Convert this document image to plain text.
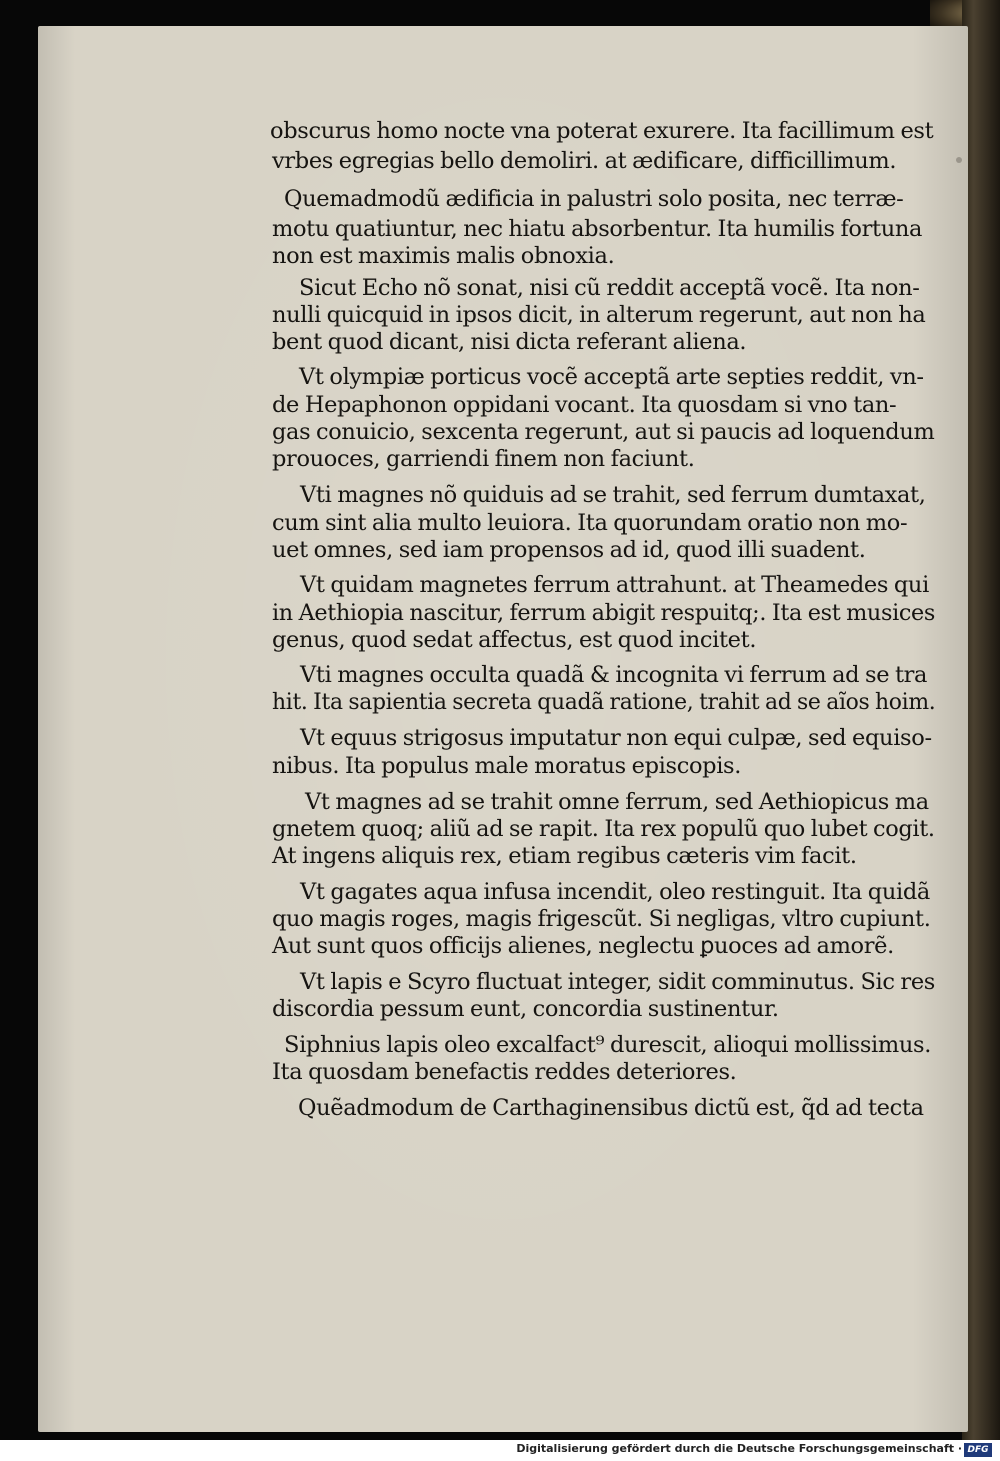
obscurus homo nocte vna poterat exurere. Ita facillimum est
vrbes egregias bello demoliri. at ædificare, difficillimum.
Quemadmodũ ædificia in palustri solo posita, nec terræ-
motu quatiuntur, nec hiatu absorbentur. Ita humilis fortuna
non est maximis malis obnoxia.
Sicut Echo nõ sonat, nisi cũ reddit acceptã vocẽ. Ita non-
nulli quicquid in ipsos dicit, in alterum regerunt, aut non ha
bent quod dicant, nisi dicta referant aliena.
Vt olympiæ porticus vocẽ acceptã arte septies reddit, vn-
de Hepaphonon oppidani vocant. Ita quosdam si vno tan-
gas conuicio, sexcenta regerunt, aut si paucis ad loquendum
prouoces, garriendi finem non faciunt.
Vti magnes nõ quiduis ad se trahit, sed ferrum dumtaxat,
cum sint alia multo leuiora. Ita quorundam oratio non mo-
uet omnes, sed iam propensos ad id, quod illi suadent.
Vt quidam magnetes ferrum attrahunt. at Theamedes qui
in Aethiopia nascitur, ferrum abigit respuitq;. Ita est musices
genus, quod sedat affectus, est quod incitet.
Vti magnes occulta quadã & incognita vi ferrum ad se tra
hit. Ita sapientia secreta quadã ratione, trahit ad se aĩos hoim.
Vt equus strigosus imputatur non equi culpæ, sed equiso-
nibus. Ita populus male moratus episcopis.
Vt magnes ad se trahit omne ferrum, sed Aethiopicus ma
gnetem quoq; aliũ ad se rapit. Ita rex populũ quo lubet cogit.
At ingens aliquis rex, etiam regibus cæteris vim facit.
Vt gagates aqua infusa incendit, oleo restinguit. Ita quidã
quo magis roges, magis frigescũt. Si negligas, vltro cupiunt.
Aut sunt quos officijs alienes, neglectu ꝑuoces ad amorẽ.
Vt lapis e Scyro fluctuat integer, sidit comminutus. Sic res
discordia pessum eunt, concordia sustinentur.
Siphnius lapis oleo excalfact⁹ durescit, alioqui mollissimus.
Ita quosdam benefactis reddes deteriores.
Quẽadmodum de Carthaginensibus dictũ est, q̃d ad tecta
Digitalisierung gefördert durch die Deutsche Forschungsgemeinschaft · DFG
